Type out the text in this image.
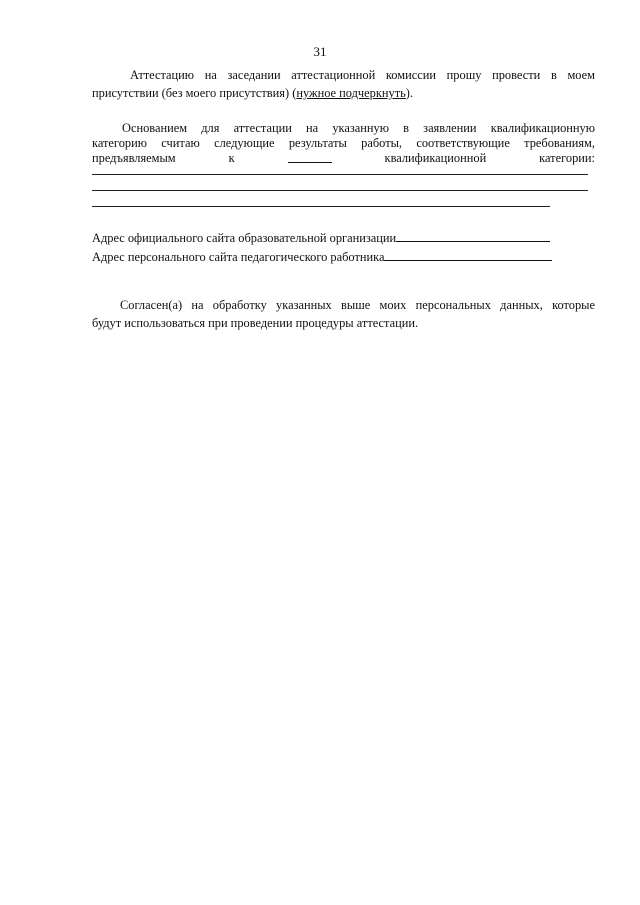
31
Аттестацию на заседании аттестационной комиссии прошу провести в моем
присутствии (без моего присутствия) (нужное подчеркнуть).
Основанием для аттестации на указанную в заявлении квалификационную
категорию считаю следующие результаты работы, соответствующие требованиям,
предъявляемым	к	квалификационной	категории:
Адрес официального сайта образовательной организации
Адрес персонального сайта педагогического работника
Согласен(а) на обработку указанных выше моих персональных данных, которые
будут использоваться при проведении процедуры аттестации.
